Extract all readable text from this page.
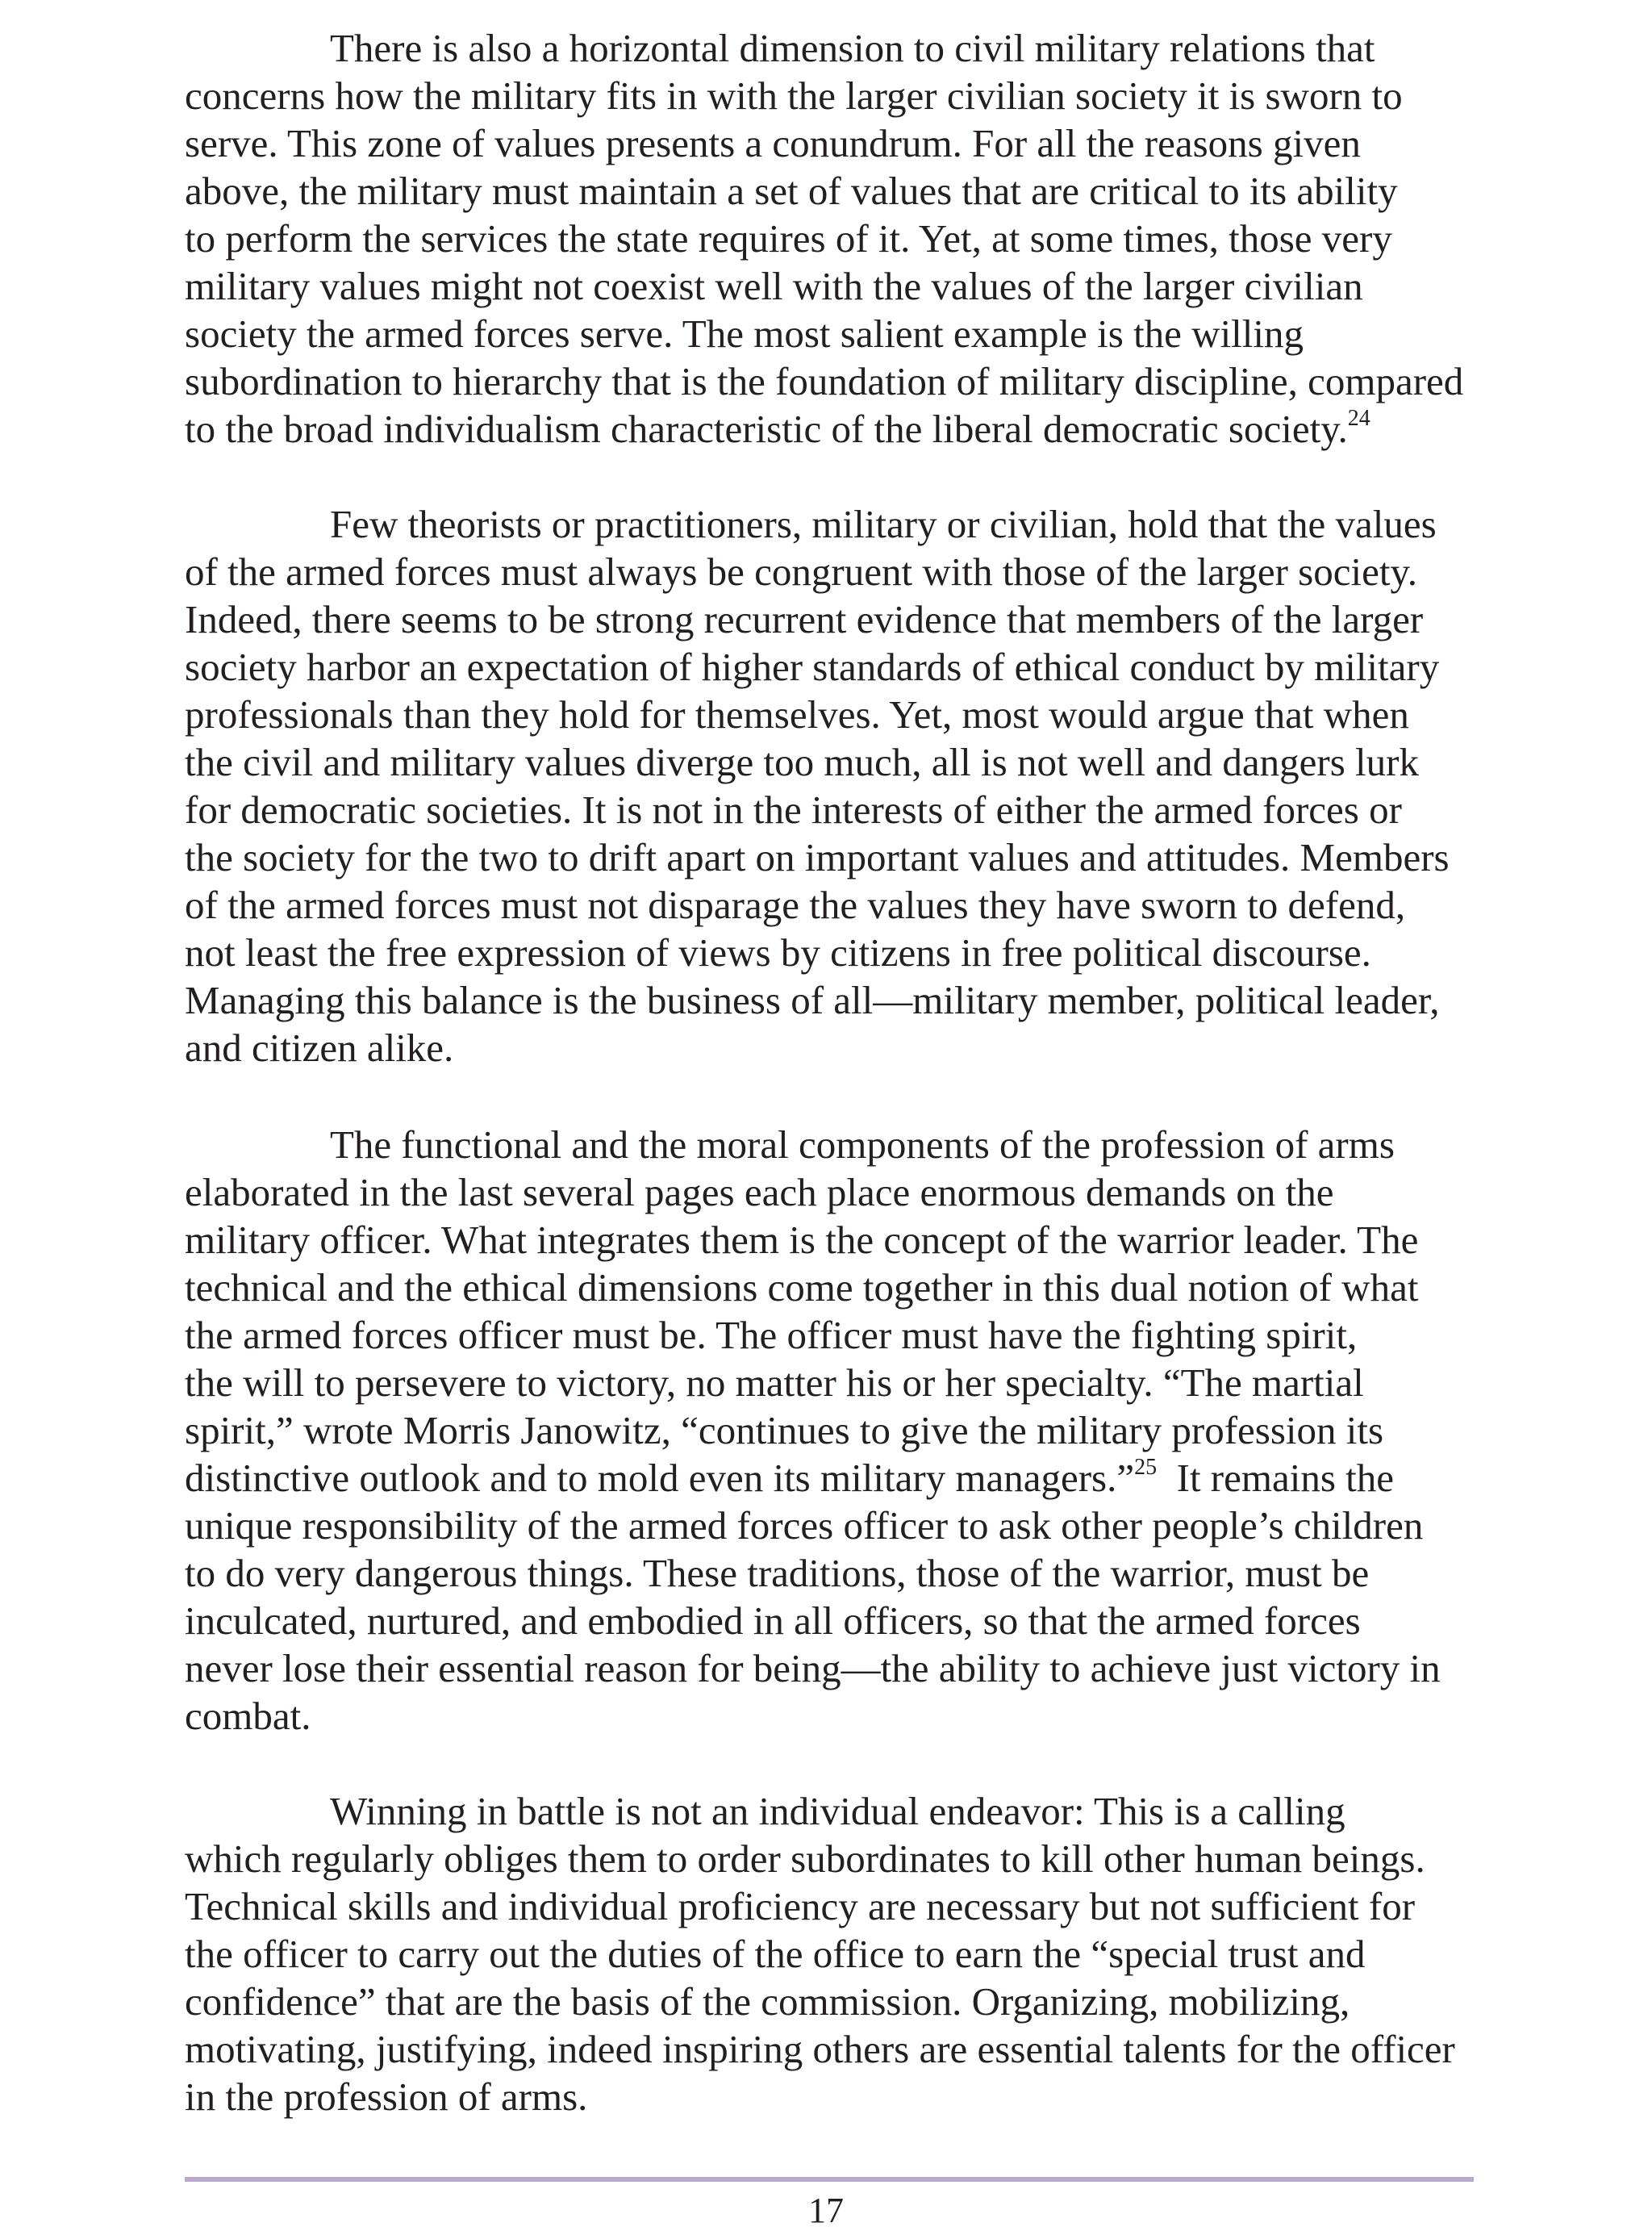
There is also a horizontal dimension to civil military relations that
concerns how the military fits in with the larger civilian society it is sworn to
serve. This zone of values presents a conundrum. For all the reasons given
above, the military must maintain a set of values that are critical to its ability
to perform the services the state requires of it. Yet, at some times, those very
military values might not coexist well with the values of the larger civilian
society the armed forces serve. The most salient example is the willing
subordination to hierarchy that is the foundation of military discipline, compared
to the broad individualism characteristic of the liberal democratic society.$^{24}$

Few theorists or practitioners, military or civilian, hold that the values
of the armed forces must always be congruent with those of the larger society.
Indeed, there seems to be strong recurrent evidence that members of the larger
society harbor an expectation of higher standards of ethical conduct by military
professionals than they hold for themselves. Yet, most would argue that when
the civil and military values diverge too much, all is not well and dangers lurk
for democratic societies. It is not in the interests of either the armed forces or
the society for the two to drift apart on important values and attitudes. Members
of the armed forces must not disparage the values they have sworn to defend,
not least the free expression of views by citizens in free political discourse.
Managing this balance is the business of all—military member, political leader,
and citizen alike.

The functional and the moral components of the profession of arms
elaborated in the last several pages each place enormous demands on the
military officer. What integrates them is the concept of the warrior leader. The
technical and the ethical dimensions come together in this dual notion of what
the armed forces officer must be. The officer must have the fighting spirit,
the will to persevere to victory, no matter his or her specialty. “The martial
spirit,” wrote Morris Janowitz, “continues to give the military profession its
distinctive outlook and to mold even its military managers.”$^{25}$  It remains the
unique responsibility of the armed forces officer to ask other people’s children
to do very dangerous things. These traditions, those of the warrior, must be
inculcated, nurtured, and embodied in all officers, so that the armed forces
never lose their essential reason for being—the ability to achieve just victory in
combat.

Winning in battle is not an individual endeavor: This is a calling
which regularly obliges them to order subordinates to kill other human beings.
Technical skills and individual proficiency are necessary but not sufficient for
the officer to carry out the duties of the office to earn the “special trust and
confidence” that are the basis of the commission. Organizing, mobilizing,
motivating, justifying, indeed inspiring others are essential talents for the officer
in the profession of arms.

17
